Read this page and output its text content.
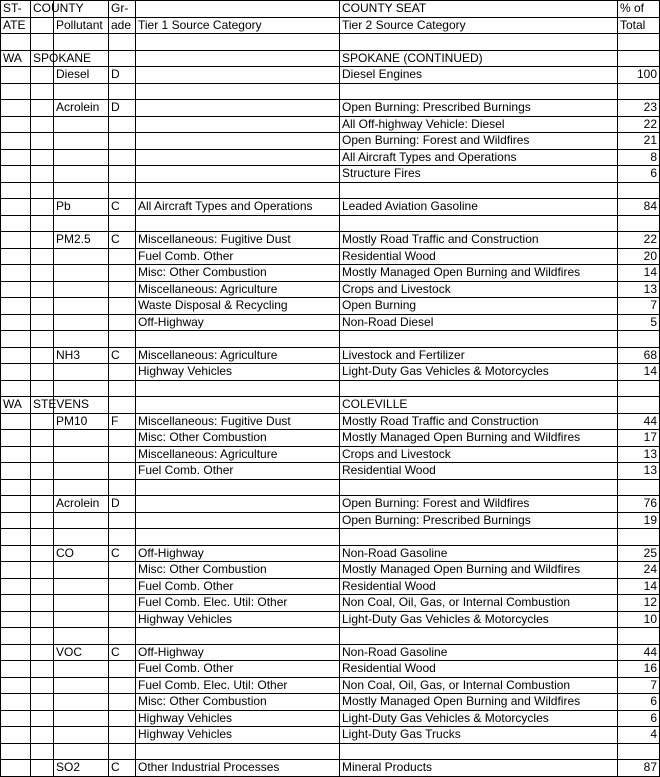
ST-	COUNTY		Gr-		COUNTY SEAT	% of
ATE		Pollutant	ade	Tier 1 Source Category	Tier 2 Source Category	Total

WA	SPOKANE				SPOKANE (CONTINUED)	
		Diesel	D		Diesel Engines	100

		Acrolein	D		Open Burning: Prescribed Burnings	23
					All Off-highway Vehicle: Diesel	22
					Open Burning: Forest and Wildfires	21
					All Aircraft Types and Operations	8
					Structure Fires	6

		Pb	C	All Aircraft Types and Operations	Leaded Aviation Gasoline	84

		PM2.5	C	Miscellaneous: Fugitive Dust	Mostly Road Traffic and Construction	22
				Fuel Comb. Other	Residential Wood	20
				Misc: Other Combustion	Mostly Managed Open Burning and Wildfires	14
				Miscellaneous: Agriculture	Crops and Livestock	13
				Waste Disposal & Recycling	Open Burning	7
				Off-Highway	Non-Road Diesel	5

		NH3	C	Miscellaneous: Agriculture	Livestock and Fertilizer	68
				Highway Vehicles	Light-Duty Gas Vehicles & Motorcycles	14

WA	STEVENS				COLEVILLE	
		PM10	F	Miscellaneous: Fugitive Dust	Mostly Road Traffic and Construction	44
				Misc: Other Combustion	Mostly Managed Open Burning and Wildfires	17
				Miscellaneous: Agriculture	Crops and Livestock	13
				Fuel Comb. Other	Residential Wood	13

		Acrolein	D		Open Burning: Forest and Wildfires	76
					Open Burning: Prescribed Burnings	19

		CO	C	Off-Highway	Non-Road Gasoline	25
				Misc: Other Combustion	Mostly Managed Open Burning and Wildfires	24
				Fuel Comb. Other	Residential Wood	14
				Fuel Comb. Elec. Util: Other	Non Coal, Oil, Gas, or Internal Combustion	12
				Highway Vehicles	Light-Duty Gas Vehicles & Motorcycles	10

		VOC	C	Off-Highway	Non-Road Gasoline	44
				Fuel Comb. Other	Residential Wood	16
				Fuel Comb. Elec. Util: Other	Non Coal, Oil, Gas, or Internal Combustion	7
				Misc: Other Combustion	Mostly Managed Open Burning and Wildfires	6
				Highway Vehicles	Light-Duty Gas Vehicles & Motorcycles	6
				Highway Vehicles	Light-Duty Gas Trucks	4

		SO2	C	Other Industrial Processes	Mineral Products	87
